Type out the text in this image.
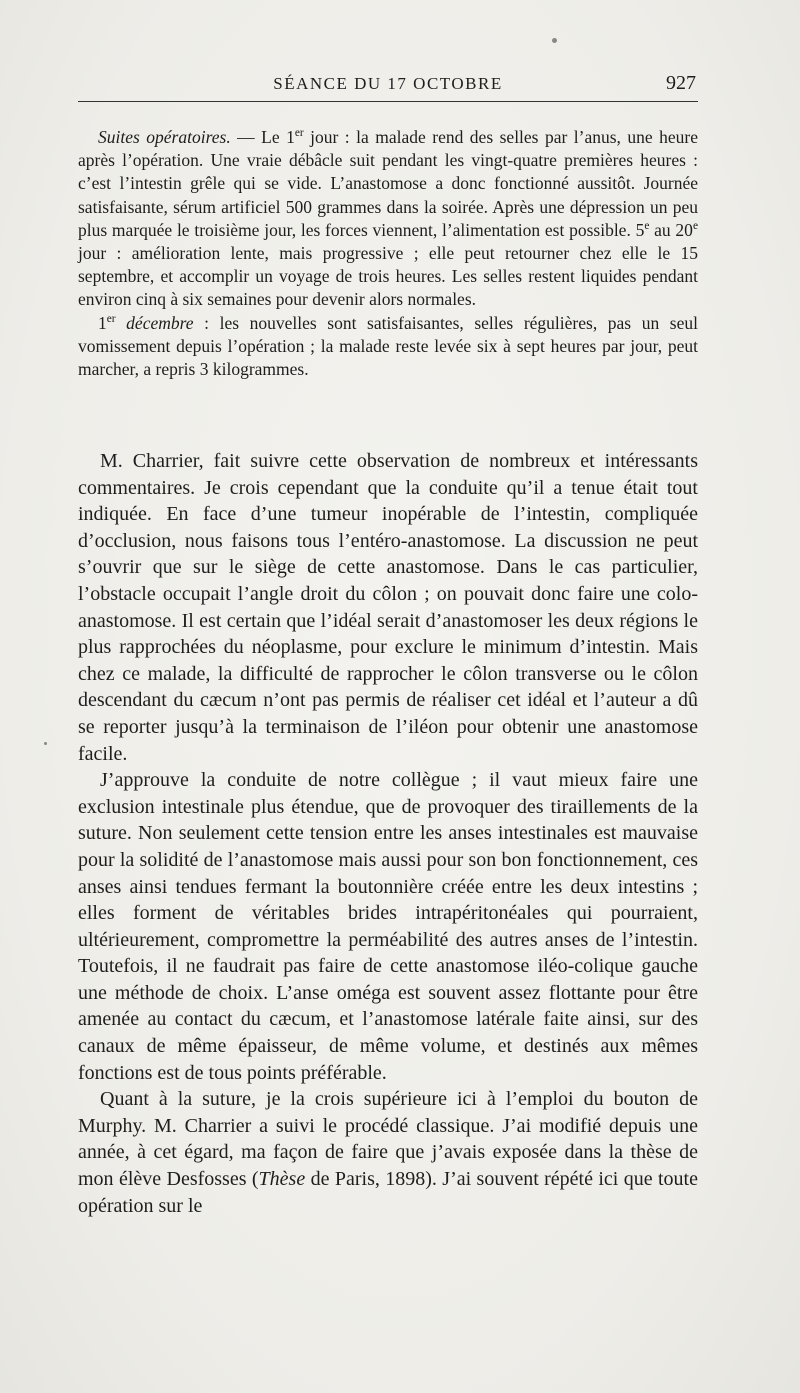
SÉANCE DU 17 OCTOBRE	927

Suites opératoires. — Le 1er jour : la malade rend des selles par l’anus, une heure après l’opération. Une vraie débâcle suit pendant les vingt-quatre premières heures : c’est l’intestin grêle qui se vide. L’anastomose a donc fonctionné aussitôt. Journée satisfaisante, sérum artificiel 500 grammes dans la soirée. Après une dépression un peu plus marquée le troisième jour, les forces viennent, l’alimentation est possible. 5e au 20e jour : amélioration lente, mais progressive ; elle peut retourner chez elle le 15 septembre, et accomplir un voyage de trois heures. Les selles restent liquides pendant environ cinq à six semaines pour devenir alors normales.

1er décembre : les nouvelles sont satisfaisantes, selles régulières, pas un seul vomissement depuis l’opération ; la malade reste levée six à sept heures par jour, peut marcher, a repris 3 kilogrammes.

M. Charrier, fait suivre cette observation de nombreux et intéressants commentaires. Je crois cependant que la conduite qu’il a tenue était tout indiquée. En face d’une tumeur inopérable de l’intestin, compliquée d’occlusion, nous faisons tous l’entéro-anastomose. La discussion ne peut s’ouvrir que sur le siège de cette anastomose. Dans le cas particulier, l’obstacle occupait l’angle droit du côlon ; on pouvait donc faire une colo-anastomose. Il est certain que l’idéal serait d’anastomoser les deux régions le plus rapprochées du néoplasme, pour exclure le minimum d’intestin. Mais chez ce malade, la difficulté de rapprocher le côlon transverse ou le côlon descendant du cæcum n’ont pas permis de réaliser cet idéal et l’auteur a dû se reporter jusqu’à la terminaison de l’iléon pour obtenir une anastomose facile.

J’approuve la conduite de notre collègue ; il vaut mieux faire une exclusion intestinale plus étendue, que de provoquer des tiraillements de la suture. Non seulement cette tension entre les anses intestinales est mauvaise pour la solidité de l’anastomose mais aussi pour son bon fonctionnement, ces anses ainsi tendues fermant la boutonnière créée entre les deux intestins ; elles forment de véritables brides intrapéritonéales qui pourraient, ultérieurement, compromettre la perméabilité des autres anses de l’intestin. Toutefois, il ne faudrait pas faire de cette anastomose iléo-colique gauche une méthode de choix. L’anse oméga est souvent assez flottante pour être amenée au contact du cæcum, et l’anastomose latérale faite ainsi, sur des canaux de même épaisseur, de même volume, et destinés aux mêmes fonctions est de tous points préférable.

Quant à la suture, je la crois supérieure ici à l’emploi du bouton de Murphy. M. Charrier a suivi le procédé classique. J’ai modifié depuis une année, à cet égard, ma façon de faire que j’avais exposée dans la thèse de mon élève Desfosses (Thèse de Paris, 1898). J’ai souvent répété ici que toute opération sur le
